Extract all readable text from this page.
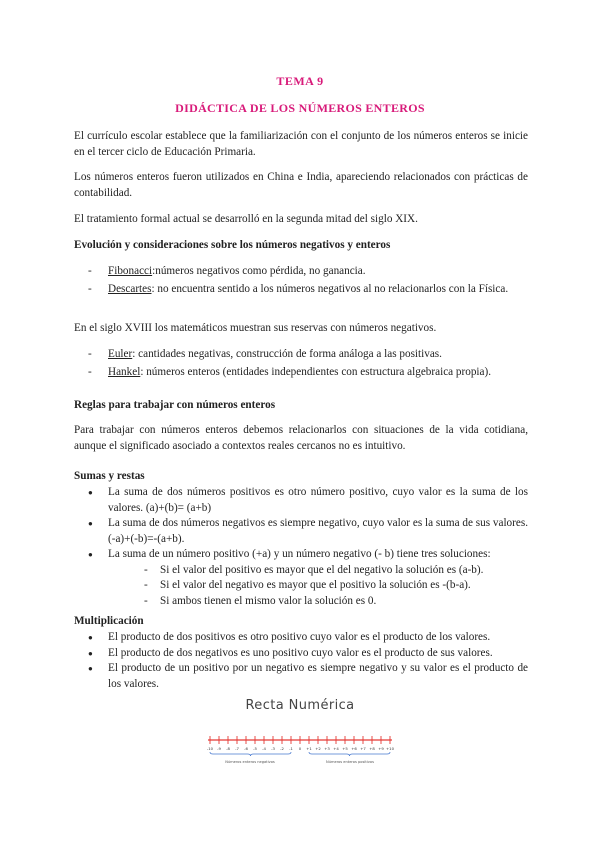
TEMA 9
DIDÁCTICA DE LOS NÚMEROS ENTEROS

El currículo escolar establece que la familiarización con el conjunto de los números enteros se inicie en el tercer ciclo de Educación Primaria.

Los números enteros fueron utilizados en China e India, apareciendo relacionados con prácticas de contabilidad.

El tratamiento formal actual se desarrolló en la segunda mitad del siglo XIX.

Evolución y consideraciones sobre los números negativos y enteros
- Fibonacci:números negativos como pérdida, no ganancia.
- Descartes: no encuentra sentido a los números negativos al no relacionarlos con la Física.

En el siglo XVIII los matemáticos muestran sus reservas con números negativos.

- Euler: cantidades negativas, construcción de forma análoga a las positivas.
- Hankel: números enteros (entidades independientes con estructura algebraica propia).
Reglas para trabajar con números enteros

Para trabajar con números enteros debemos relacionarlos con situaciones de la vida cotidiana, aunque el significado asociado a contextos reales cercanos no es intuitivo.

Sumas y restas
● La suma de dos números positivos es otro número positivo, cuyo valor es la suma de los valores. (a)+(b)= (a+b)
● La suma de dos números negativos es siempre negativo, cuyo valor es la suma de sus valores. (-a)+(-b)=-(a+b).
● La suma de un número positivo (+a) y un número negativo (- b) tiene tres soluciones:
- Si el valor del positivo es mayor que el del negativo la solución es (a-b).
- Si el valor del negativo es mayor que el positivo la solución es -(b-a).
- Si ambos tienen el mismo valor la solución es 0.
Multiplicación
● El producto de dos positivos es otro positivo cuyo valor es el producto de los valores.
● El producto de dos negativos es uno positivo cuyo valor es el producto de sus valores.
● El producto de un positivo por un negativo es siempre negativo y su valor es el producto de los valores.
Recta Numérica
-10 -9 -8 -7 -6 -5 -4 -3 -2 -1 0 +1 +2 +3 +4 +5 +6 +7 +8 +9 +10
Números enteros negativos	Números enteros positivos
